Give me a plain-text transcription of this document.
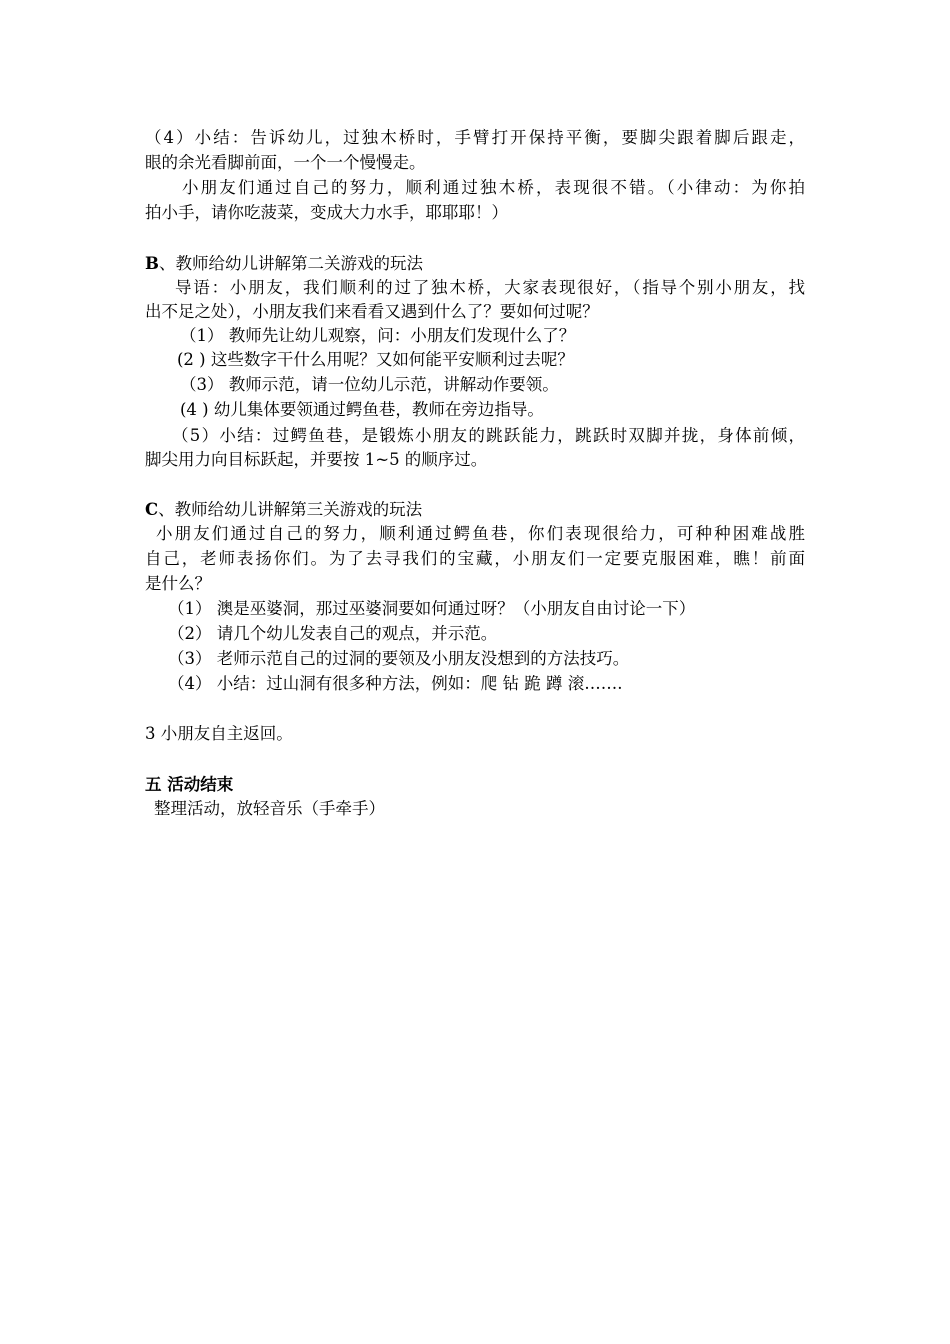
（4）小结：告诉幼儿，过独木桥时，手臂打开保持平衡，要脚尖跟着脚后跟走，
眼的余光看脚前面，一个一个慢慢走。
小朋友们通过自己的努力，顺利通过独木桥，表现很不错。（小律动：为你拍
拍小手，请你吃菠菜，变成大力水手，耶耶耶！）
B、教师给幼儿讲解第二关游戏的玩法
导语：小朋友，我们顺利的过了独木桥，大家表现很好，（指导个别小朋友，找
出不足之处），小朋友我们来看看又遇到什么了？要如何过呢？
（1） 教师先让幼儿观察，问：小朋友们发现什么了？
(2 ) 这些数字干什么用呢？又如何能平安顺利过去呢？
（3） 教师示范，请一位幼儿示范，讲解动作要领。
(4 ) 幼儿集体要领通过鳄鱼巷，教师在旁边指导。
（5）小结：过鳄鱼巷，是锻炼小朋友的跳跃能力，跳跃时双脚并拢，身体前倾，
脚尖用力向目标跃起，并要按 1~5 的顺序过。
C、教师给幼儿讲解第三关游戏的玩法
小朋友们通过自己的努力，顺利通过鳄鱼巷，你们表现很给力，可种种困难战胜
自己，老师表扬你们。为了去寻我们的宝藏，小朋友们一定要克服困难，瞧！前面
是什么？
（1） 澳是巫婆洞，那过巫婆洞要如何通过呀？（小朋友自由讨论一下）
（2） 请几个幼儿发表自己的观点，并示范。
（3） 老师示范自己的过洞的要领及小朋友没想到的方法技巧。
（4） 小结：过山洞有很多种方法，例如：爬 钻 跪 蹲 滚…….
3 小朋友自主返回。
五 活动结束
整理活动，放轻音乐（手牵手）
